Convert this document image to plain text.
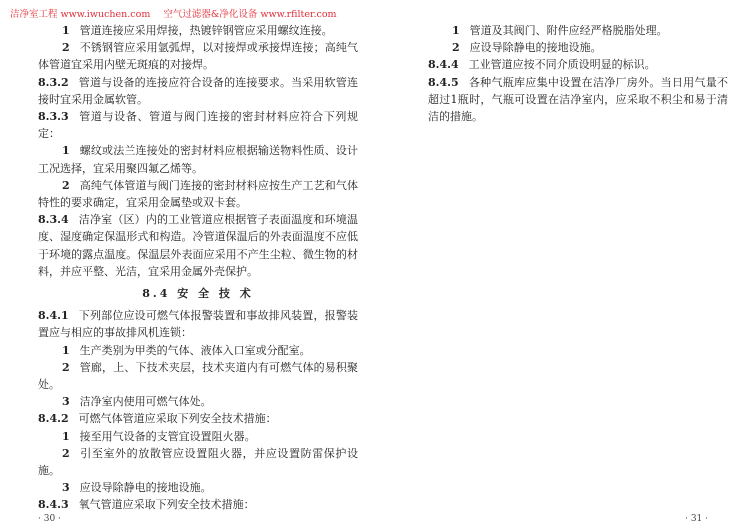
洁净室工程 www.iwuchen.com 空气过滤器&净化设备 www.rfilter.com
1 管道连接应采用焊接，热镀锌钢管应采用螺纹连接。
2 不锈钢管应采用氩弧焊，以对接焊或承接焊连接；高纯气体管道宜采用内壁无斑痕的对接焊。
8.3.2 管道与设备的连接应符合设备的连接要求。当采用软管连接时宜采用金属软管。
8.3.3 管道与设备、管道与阀门连接的密封材料应符合下列规定：
1 螺纹或法兰连接处的密封材料应根据输送物料性质、设计工况选择，宜采用聚四氟乙烯等。
2 高纯气体管道与阀门连接的密封材料应按生产工艺和气体特性的要求确定，宜采用金属垫或双卡套。
8.3.4 洁净室（区）内的工业管道应根据管子表面温度和环境温度、湿度确定保温形式和构造。冷管道保温后的外表面温度不应低于环境的露点温度。保温层外表面应采用不产生尘粒、微生物的材料，并应平整、光洁，宜采用金属外壳保护。
8.4 安 全 技 术
8.4.1 下列部位应设可燃气体报警装置和事故排风装置，报警装置应与相应的事故排风机连锁：
1 生产类别为甲类的气体、液体入口室或分配室。
2 管廊，上、下技术夹层，技术夹道内有可燃气体的易积聚处。
3 洁净室内使用可燃气体处。
8.4.2 可燃气体管道应采取下列安全技术措施：
1 接至用气设备的支管宜设置阻火器。
2 引至室外的放散管应设置阻火器，并应设置防雷保护设施。
3 应设导除静电的接地设施。
8.4.3 氧气管道应采取下列安全技术措施：
1 管道及其阀门、附件应经严格脱脂处理。
2 应设导除静电的接地设施。
8.4.4 工业管道应按不同介质设明显的标识。
8.4.5 各种气瓶库应集中设置在洁净厂房外。当日用气量不超过1瓶时，气瓶可设置在洁净室内，应采取不积尘和易于清洁的措施。
· 30 ·	· 31 ·
